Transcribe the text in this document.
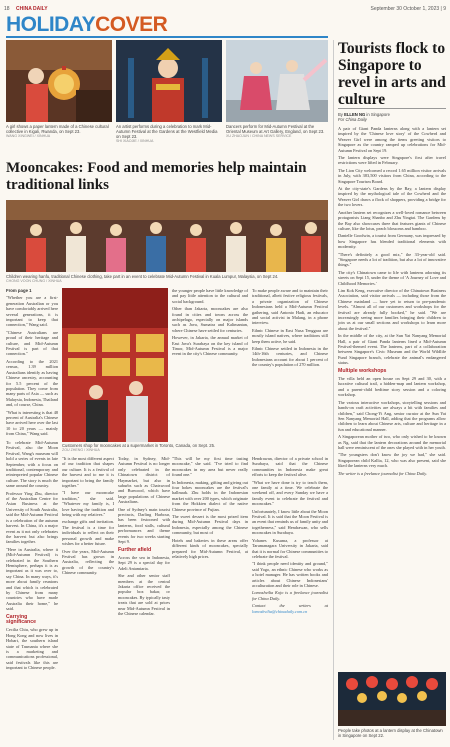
18 CHINA DAILY	September 30 October 1, 2023 | 9
HOLIDAYCOVER
A girl shows a paper lantern made of a Chinese cultural collective in Kigali, Rwanda, on Sept 23.
WANG XINGWEI / XINHUA
An artist performs during a celebration to mark Mid-Autumn Festival at the Gardens at the Westfield Media on Sept 23.
SHI XIAOJIE / XINHUA
Dancers perform for Mid-Autumn Festival at the Oriental Museum at Art Gallery, England, on Sept 23.
XU ZHAOJUN / CHINA NEWS SERVICE
Mooncakes: Food and memories help maintain traditional links
Children wearing hanfu, traditional Chinese clothing, take part in an event to celebrate Mid-Autumn Festival in Kuala Lumpur, Malaysia, on Sept 24.
CHONG VOON CHUNG / XINHUA

From page 1

"Whether you are a first-generation Australian or you have comfortably arrived here several generations, it is important to keep that connection," Wang said.

"Chinese Australians are proud of their heritage and culture, and Mid-Autumn Festival is part of that connection."

According to the 2021 census, 1.39 million Australians identify as having Chinese ancestry, accounting for 5.5 percent of the population. They come from many parts of Asia — such as Malaysia, Indonesia, Thailand and, of course, China.

"What is interesting is that 48 percent of Australia's Chinese have arrived here over the last 10 to 20 years — mainly from China," Wang said.

To celebrate Mid-Autumn Festival, also the Moon Festival, Wang's museum will hold a series of events in late September, with a focus on traditional, contemporary and reinterpreted popular Chinese culture. The story is much the same around the country.

Professor Ying Zhu, director of the Australian Centre for Asian Business at the University of South Australia, said the Mid-Autumn Festival is a celebration of the autumn harvest. In China, it's a major event as it not only celebrates the harvest but also brings families together.

"Here in Australia, where it (Mid-Autumn Festival) is celebrated in the Southern Hemisphere, perhaps it is as important as it was over to, say China. In many ways, it's more about family reunions and that which is celebrated by Chinese from many countries who have made Australia their home," he said.

Carrying significance

Cecilia Chiu, who grew up in Hong Kong and now lives in Hobart, the southern island state of Tasmania where she is a marketing and communications professional, said festivals like this are important to Chinese people.

the younger people have little knowledge of and pay little attention to the cultural and social background.

Other than Jakarta, mooncakes are also found in cities and towns across the archipelago, especially on major islands such as Java, Sumatra and Kalimantan, where Chinese have settled for centuries.

However, in Jakarta, the annual market of East Java's Surabaya on the key island of Timor, Mid-Autumn Festival is a major event in the city's Chinese community.

To make people aware and to maintain their traditional, albeit festive religious festivals, a private organization of Chinese Indonesians held a Mid-Autumn Festival gathering, said Antonio Hadi, an educator and social activist in Malang, in a phone interview.

Ethnic Chinese in East Nusa Tenggara are mostly island natives, where traditions still keep them active, he said.

Ethnic Chinese settled in Indonesia in the 14th-16th centuries, and Chinese Indonesians account for about 1 percent of the country's population of 270 million.

Customers shop for mooncakes at a supermarket in Toronto, Canada, on Sept. 25.
ZOU ZHENG / XINHUA

"It is the most different aspect of our tradition that shapes our culture. It is a festival of the harvest and to me it is important to bring the family together."

"I have our mooncake tradition," she said. "Whatever my family is, I love having the tradition and being with my relatives."

exchange gifts and invitation. The festival is a time for individuals to reflect on their personal growth and make wishes for a better future.

Over the years, Mid-Autumn Festival has grown in Australia, reflecting the growth of the country's Chinese community.

Today, in Sydney, Mid-Autumn Festival is no longer only celebrated in the Chinatown district of Haymarket, but also in suburbs such as Chatswood and Burwood, which have large populations of Chinese Australians.

One of Sydney's main tourist precincts, Darling Harbour, has been festooned with lanterns, food stalls, cultural performances and theme events for two weeks starting Sept 9.

Further afield

Across the sea in Indonesia, Sept 29 is a special day for Adeli Antamiarta.

She and other senior staff members at the central Jakarta office received the popular box bakar, or mooncakes. By typically tasty treats that are sold at prices near Mid-Autumn Festival in the Chinese calendar.

"This will be my first time tasting mooncake," she said. "I've tried to find mooncakes in my area but never really found one."

In Indonesia, making, gifting and giving out four hokes mooncakes are the festival's hallmark. Zhu holds in the Indonesian market with over 200 types, which originate from the Hokkien dialect of the native Chinese province of Fujian.

The sweet dessert is the most prized item during Mid-Autumn Festival days in Indonesia, especially among the Chinese community, but most of

Hotels and bakeries in these areas offer different kinds of mooncakes, specially prepared for Mid-Autumn Festival, at relatively high prices.

Hendrawan, director of a private school in Surabaya, said that the Chinese communities in Indonesia make great efforts to keep the festival alive.

"What we have done is try to teach them, one family at a time. We celebrate the weekend off, and every Sunday we have a family event to celebrate the festival and mooncakes."

Unfortunately, I know little about the Moon Festival. It is said that the Moon Festival is an event that reminds us of family unity and togetherness," said Hendrawan, who sells mooncakes in Surabaya.

Yohanes Kusuma, a professor at Tarumanagara University in Jakarta, said that it is normal for Chinese communities to celebrate the festival.

"I think people need identity and ground," said Yogo, an ethnic Chinese who works as a hotel manager. He has written books and articles about Chinese Indonesians' acculturation and their role in Chinese.

Lomoshvilia Kojo is a freelance journalist for China Daily.

Contact the writers at lomoshvilia@chinadaily.com.cn

Tourists flock to Singapore to revel in arts and culture
By ELLEN NG in Singapore
For China Daily

A pair of Giant Panda lanterns along with a lantern set inspired by the 'Chinese love story' of the Cowherd and Weaver Girl were among the items greeting visitors to Singapore as the country ramped up celebrations for Mid-Autumn Festival on Sept 19.

The lantern displays were Singapore's first after travel restrictions were lifted in February.

The Lion City welcomed a record 1.65 million visitor arrivals in July, with 383,500 visitors from China, according to the Singapore Tourism Board.

At the city-state's Gardens by the Bay, a lantern display inspired by the mythological tale of the Cowherd and the Weaver Girl draws a flock of shoppers, providing a bridge for the two lovers.

Another lantern set recognizes a well-loved romance between protagonists Liang Shanbo and Zhu Yingtai. The Gardens by the Bay also showcases three that features giants of Chinese culture, like the lotus, peach blossoms and bamboo.

Danielle Goodwin, a tourist from Germany, was impressed by how Singapore has blended traditional elements with modernity.

"There's definitely a good mix," the 33-year-old said. "Singapore needs a lot of tradition, but also a lot of innovative things."

The city's Chinatown came to life with lanterns adorning its streets on Sept 15, under the theme of 'A Journey of Love and Childhood Memories.'

Lim Kok Keng, executive director of the Chinatown Business Association, said visitor arrivals — including those from the Chinese mainland — have yet to return to pre-pandemic levels. "Almost all of our customers and workshops for the festival are already fully booked," he said. "We are increasingly seeing more families bringing their children to join us at our small sections and workshops to learn more about the festival."

In the middle of the city, at the Sun Yat Nanyang Memorial Hall, a pair of Giant Panda lanterns lined a Mid-Autumn Festival-themed event. The lanterns, part of a collaboration between Singapore's Civic Museum and the World Wildlife Fund Singapore branch, celebrate the animal's endangered status.

Multiple workshops

The villa held an open house on Sept 29 and 30, with a lucrative cultural trail, a hidden-map and lantern workshop, and a parent-child bedtime story session and a coloring workshop.

The various interactive workshops, storytelling sessions and hands-on craft activities are always a hit with families and children," said Chong-Yi Ang, senior curator at the Sun Yat Sen Nanyang Memorial Hall, adding that the programs allow children to learn about Chinese arts, culture and heritage in a fun and educational manner.

A Singaporean mother of two, who only wished to be known as Ng, said that the lantern decorations around the memorial hall were reminiscent of the ones she played with in her youth.

"The youngsters don't know the joy we had," she said. Singaporean child Kallia, 12, who was also present, said she liked the lanterns very much.

The writer is a freelance journalist for China Daily.

People take photos at a lantern display at the Chinatown in Singapore on Sept 22.
